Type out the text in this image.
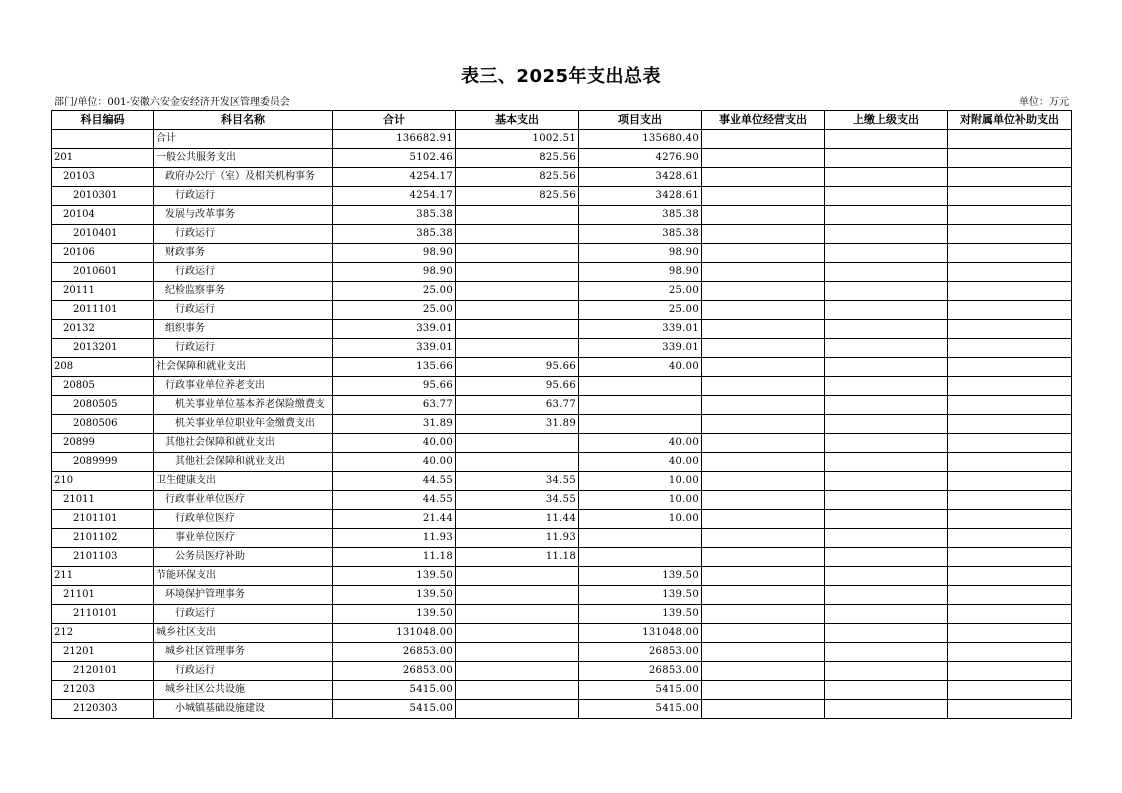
表三、2025年支出总表
部门/单位：001-安徽六安金安经济开发区管理委员会	单位：万元
科目编码	科目名称	合计	基本支出	项目支出	事业单位经营支出	上缴上级支出	对附属单位补助支出
	合计	136682.91	1002.51	135680.40			
201	一般公共服务支出	5102.46	825.56	4276.90			
20103	政府办公厅（室）及相关机构事务	4254.17	825.56	3428.61			
2010301	行政运行	4254.17	825.56	3428.61			
20104	发展与改革事务	385.38		385.38			
2010401	行政运行	385.38		385.38			
20106	财政事务	98.90		98.90			
2010601	行政运行	98.90		98.90			
20111	纪检监察事务	25.00		25.00			
2011101	行政运行	25.00		25.00			
20132	组织事务	339.01		339.01			
2013201	行政运行	339.01		339.01			
208	社会保障和就业支出	135.66	95.66	40.00			
20805	行政事业单位养老支出	95.66	95.66				
2080505	机关事业单位基本养老保险缴费支	63.77	63.77				
2080506	机关事业单位职业年金缴费支出	31.89	31.89				
20899	其他社会保障和就业支出	40.00		40.00			
2089999	其他社会保障和就业支出	40.00		40.00			
210	卫生健康支出	44.55	34.55	10.00			
21011	行政事业单位医疗	44.55	34.55	10.00			
2101101	行政单位医疗	21.44	11.44	10.00			
2101102	事业单位医疗	11.93	11.93				
2101103	公务员医疗补助	11.18	11.18				
211	节能环保支出	139.50		139.50			
21101	环境保护管理事务	139.50		139.50			
2110101	行政运行	139.50		139.50			
212	城乡社区支出	131048.00		131048.00			
21201	城乡社区管理事务	26853.00		26853.00			
2120101	行政运行	26853.00		26853.00			
21203	城乡社区公共设施	5415.00		5415.00			
2120303	小城镇基础设施建设	5415.00		5415.00			
